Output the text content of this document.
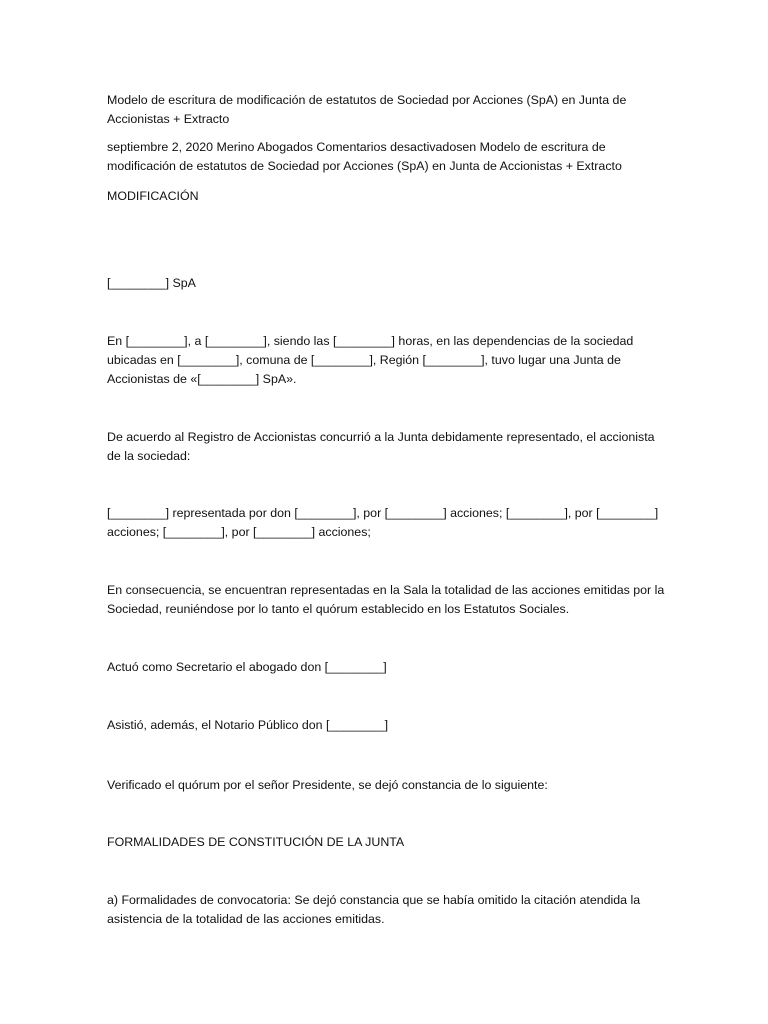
Modelo de escritura de modificación de estatutos de Sociedad por Acciones (SpA) en Junta de Accionistas + Extracto

septiembre 2, 2020 Merino Abogados Comentarios desactivadosen Modelo de escritura de modificación de estatutos de Sociedad por Acciones (SpA) en Junta de Accionistas + Extracto

MODIFICACIÓN

[________] SpA

En [________], a [________], siendo las [________] horas, en las dependencias de la sociedad ubicadas en [________], comuna de [________], Región [________], tuvo lugar una Junta de Accionistas de «[________] SpA».

De acuerdo al Registro de Accionistas concurrió a la Junta debidamente representado, el accionista de la sociedad:

[________] representada por don [________], por [________] acciones; [________], por [________] acciones; [________], por [________] acciones;

En consecuencia, se encuentran representadas en la Sala la totalidad de las acciones emitidas por la Sociedad, reuniéndose por lo tanto el quórum establecido en los Estatutos Sociales.

Actuó como Secretario el abogado don [________]

Asistió, además, el Notario Público don [________]

Verificado el quórum por el señor Presidente, se dejó constancia de lo siguiente:

FORMALIDADES DE CONSTITUCIÓN DE LA JUNTA

a) Formalidades de convocatoria: Se dejó constancia que se había omitido la citación atendida la asistencia de la totalidad de las acciones emitidas.
